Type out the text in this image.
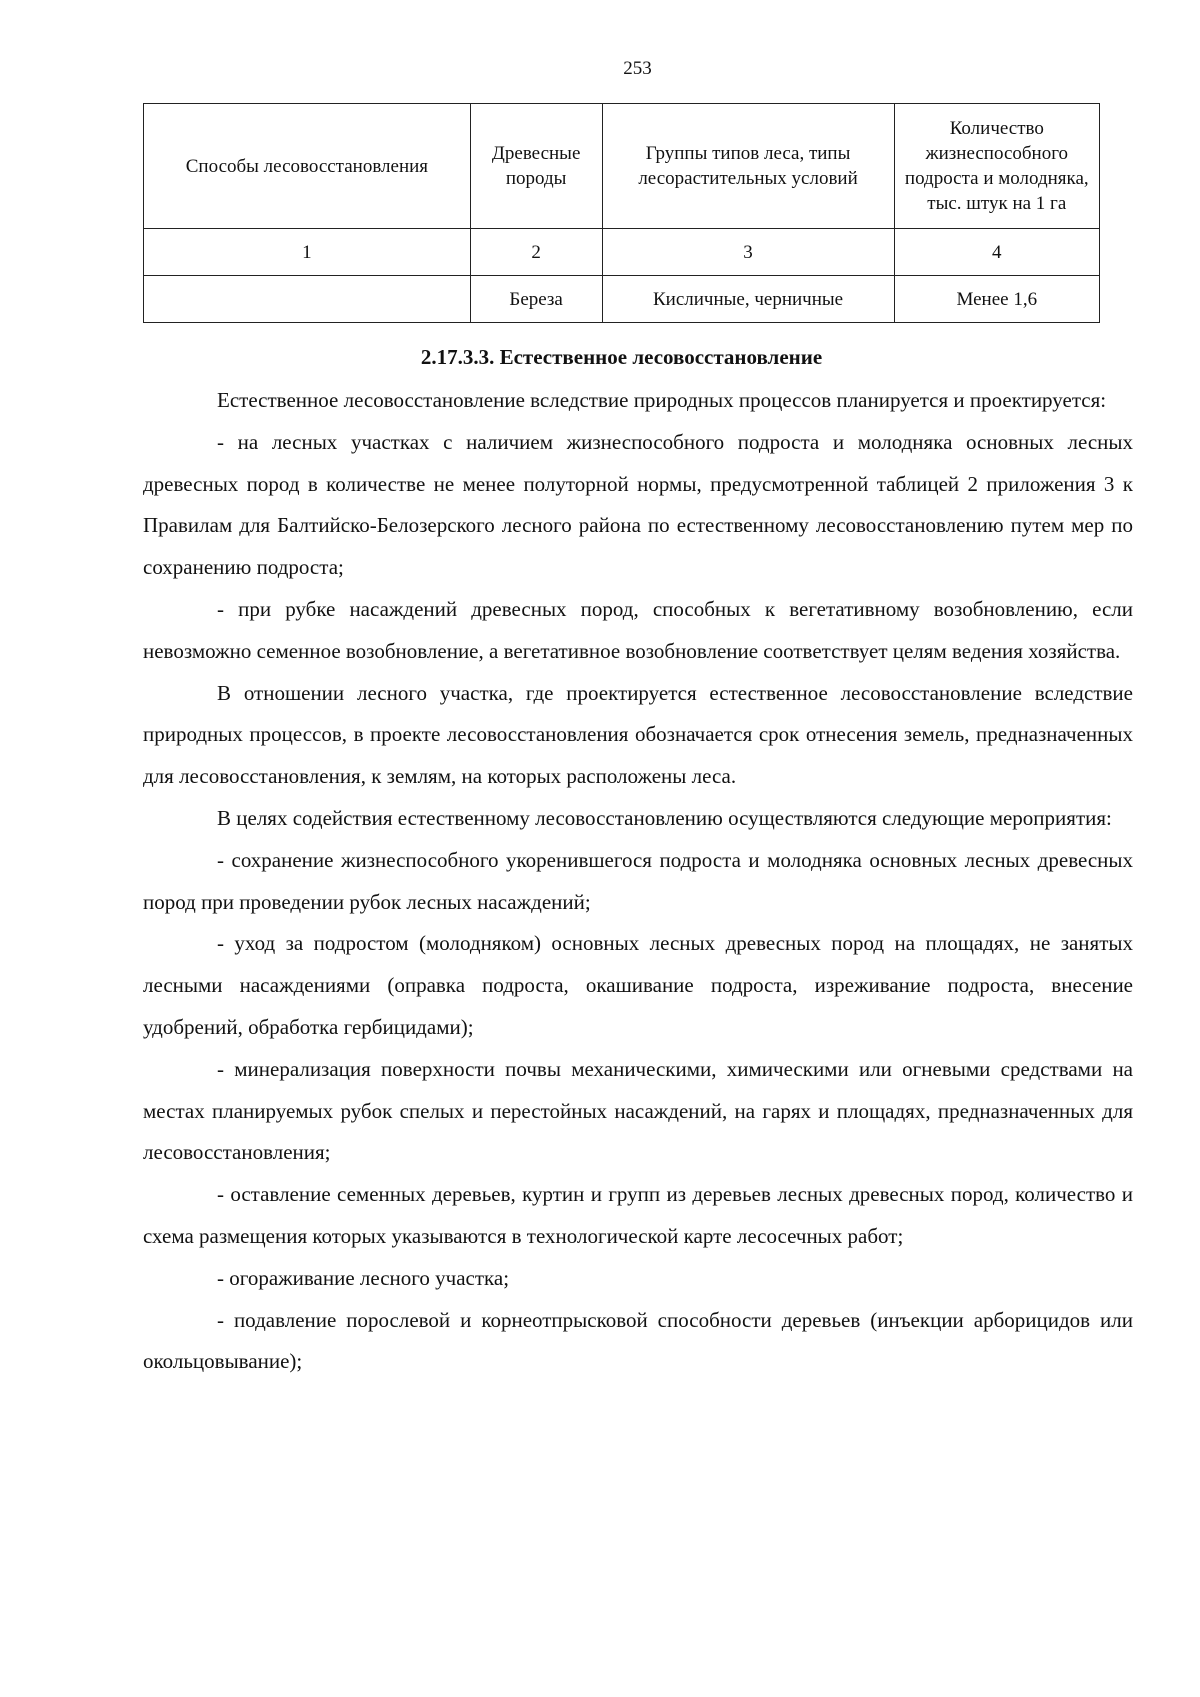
253
Способы лесовосстановления	Древесные породы	Группы типов леса, типы лесорастительных условий	Количество жизнеспособного подроста и молодняка, тыс. штук на 1 га
1	2	3	4
	Береза	Кисличные, черничные	Менее 1,6
2.17.3.3. Естественное лесовосстановление

Естественное лесовосстановление вследствие природных процессов планируется и проектируется:

- на лесных участках с наличием жизнеспособного подроста и молодняка основных лесных древесных пород в количестве не менее полуторной нормы, предусмотренной таблицей 2 приложения 3 к Правилам для Балтийско-Белозерского лесного района по естественному лесовосстановлению путем мер по сохранению подроста;

- при рубке насаждений древесных пород, способных к вегетативному возобновлению, если невозможно семенное возобновление, а вегетативное возобновление соответствует целям ведения хозяйства.

В отношении лесного участка, где проектируется естественное лесовосстановление вследствие природных процессов, в проекте лесовосстановления обозначается срок отнесения земель, предназначенных для лесовосстановления, к землям, на которых расположены леса.

В целях содействия естественному лесовосстановлению осуществляются следующие мероприятия:

- сохранение жизнеспособного укоренившегося подроста и молодняка основных лесных древесных пород при проведении рубок лесных насаждений;

- уход за подростом (молодняком) основных лесных древесных пород на площадях, не занятых лесными насаждениями (оправка подроста, окашивание подроста, изреживание подроста, внесение удобрений, обработка гербицидами);

- минерализация поверхности почвы механическими, химическими или огневыми средствами на местах планируемых рубок спелых и перестойных насаждений, на гарях и площадях, предназначенных для лесовосстановления;

- оставление семенных деревьев, куртин и групп из деревьев лесных древесных пород, количество и схема размещения которых указываются в технологической карте лесосечных работ;

- огораживание лесного участка;

- подавление порослевой и корнеотпрысковой способности деревьев (инъекции арборицидов или окольцовывание);
